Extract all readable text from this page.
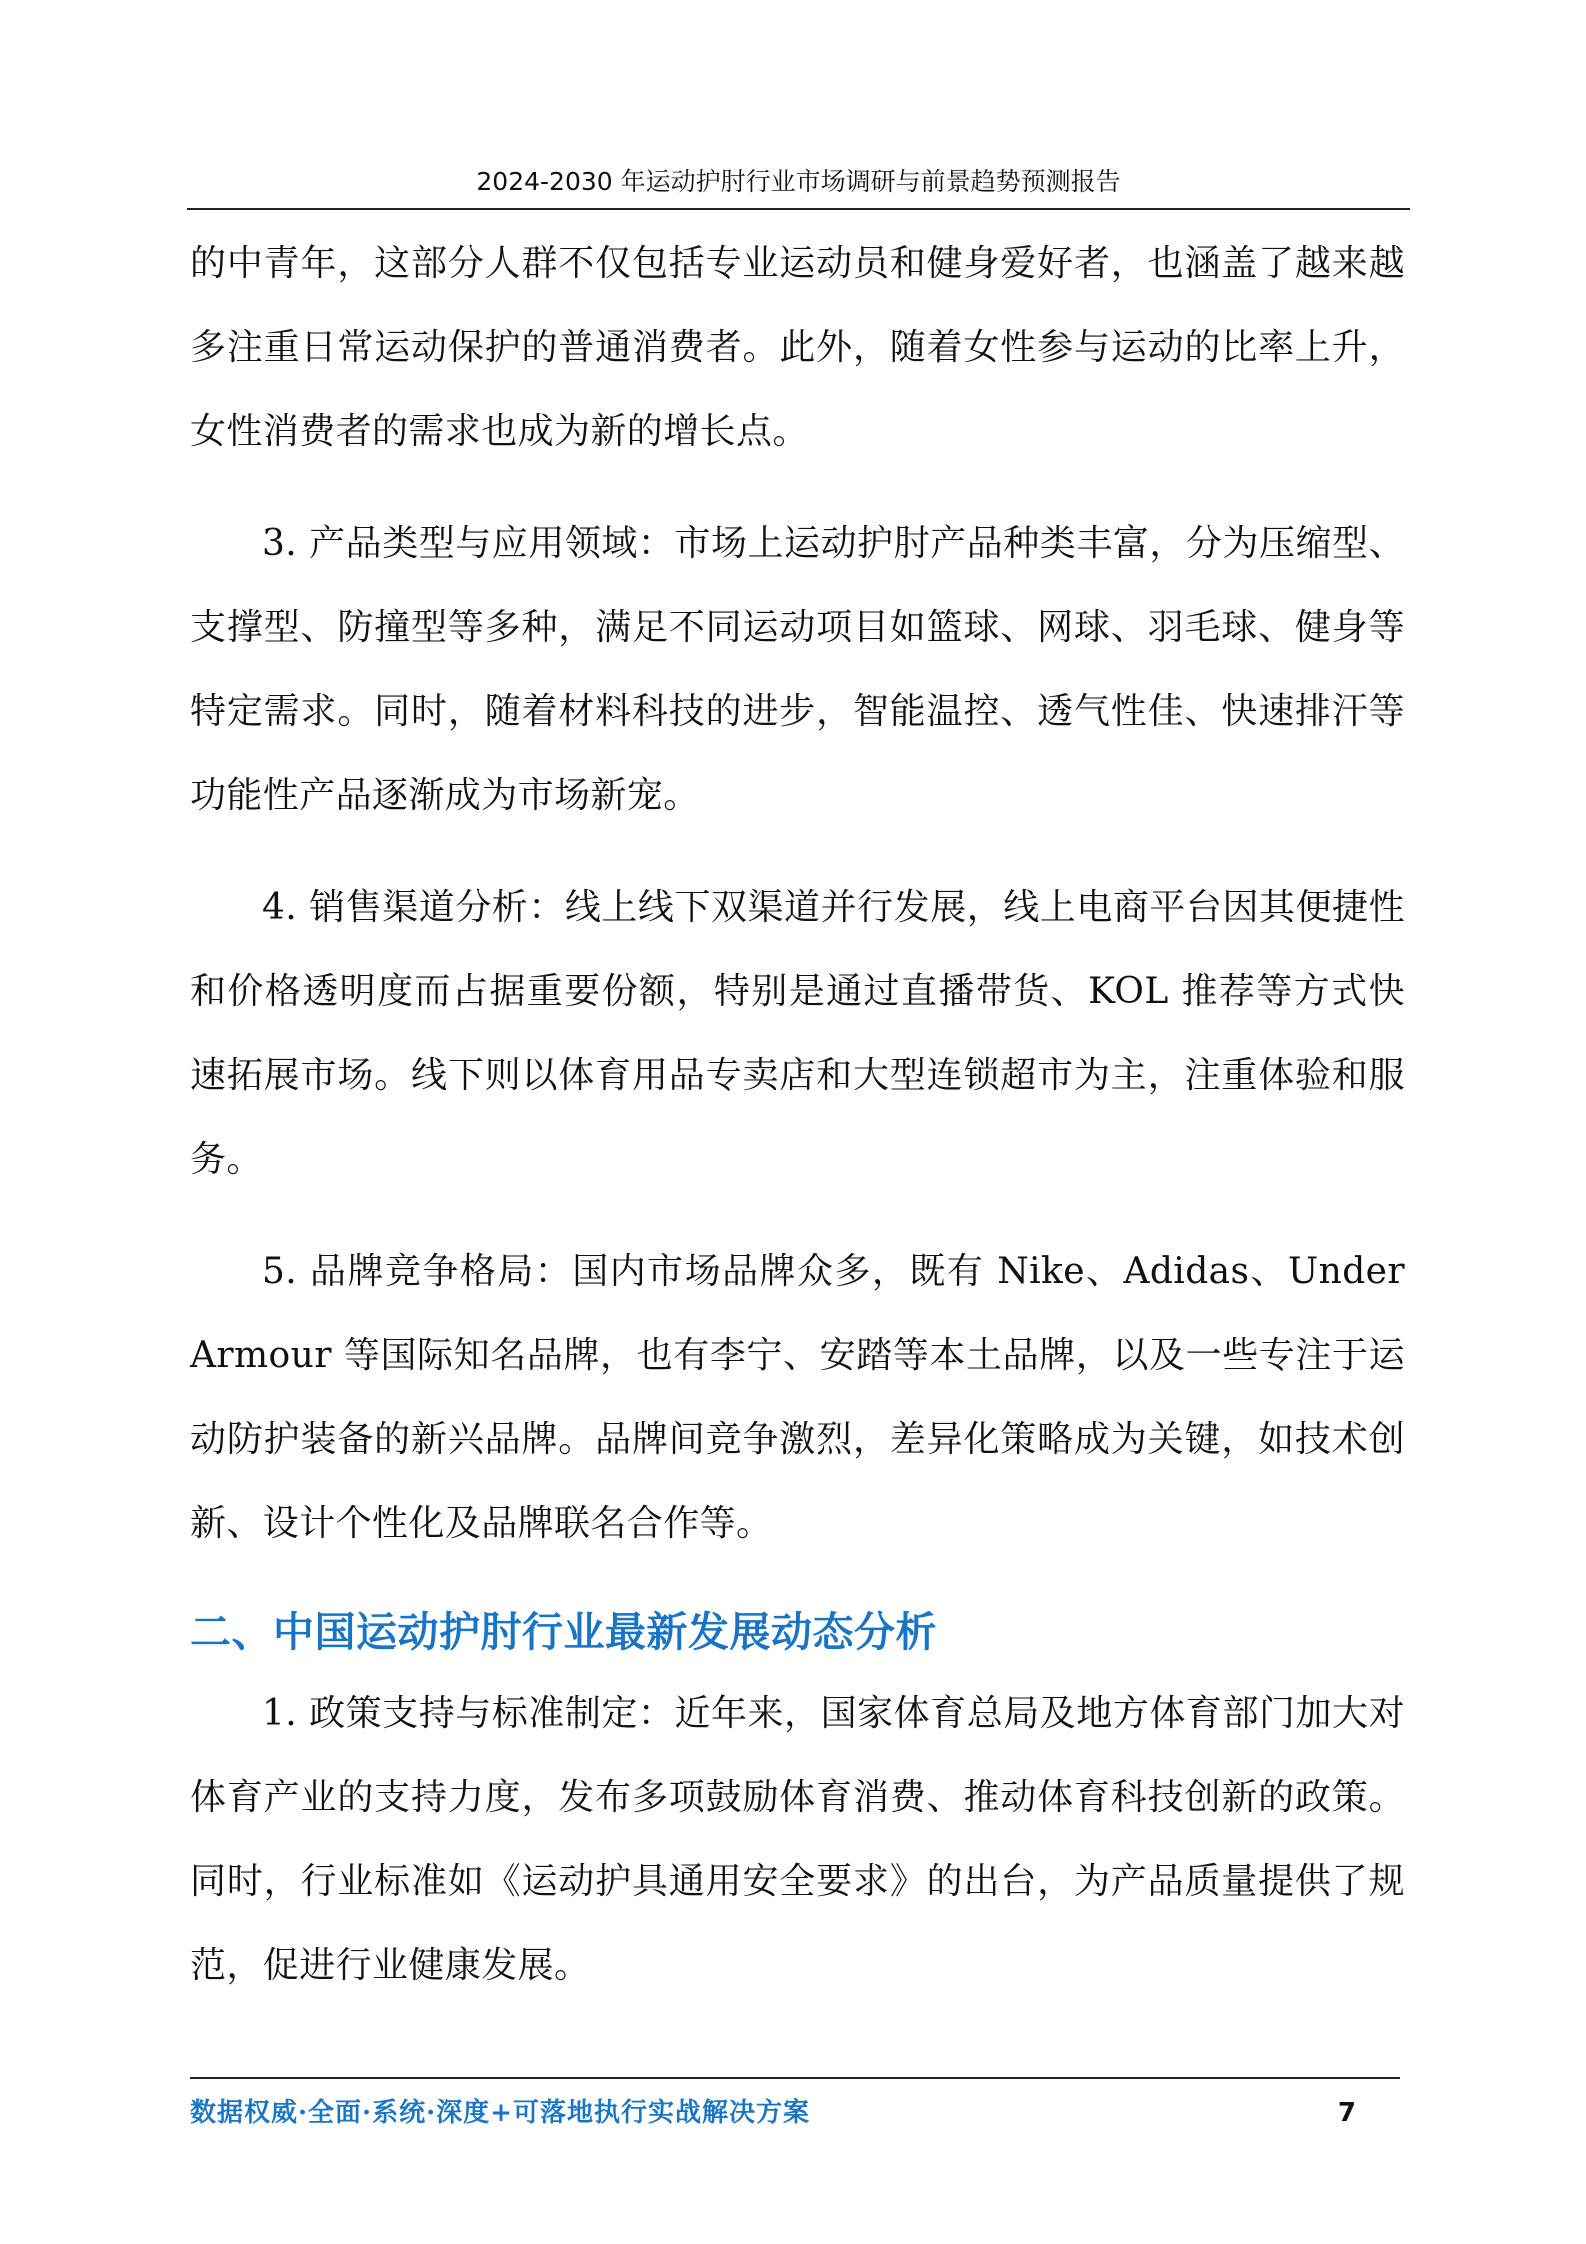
2024-2030 年运动护肘行业市场调研与前景趋势预测报告

的中青年，这部分人群不仅包括专业运动员和健身爱好者，也涵盖了越来越多注重日常运动保护的普通消费者。此外，随着女性参与运动的比率上升，女性消费者的需求也成为新的增长点。

3. 产品类型与应用领域：市场上运动护肘产品种类丰富，分为压缩型、支撑型、防撞型等多种，满足不同运动项目如篮球、网球、羽毛球、健身等特定需求。同时，随着材料科技的进步，智能温控、透气性佳、快速排汗等功能性产品逐渐成为市场新宠。

4. 销售渠道分析：线上线下双渠道并行发展，线上电商平台因其便捷性和价格透明度而占据重要份额，特别是通过直播带货、KOL 推荐等方式快速拓展市场。线下则以体育用品专卖店和大型连锁超市为主，注重体验和服务。

5. 品牌竞争格局：国内市场品牌众多，既有 Nike、Adidas、Under Armour 等国际知名品牌，也有李宁、安踏等本土品牌，以及一些专注于运动防护装备的新兴品牌。品牌间竞争激烈，差异化策略成为关键，如技术创新、设计个性化及品牌联名合作等。

二、中国运动护肘行业最新发展动态分析

1. 政策支持与标准制定：近年来，国家体育总局及地方体育部门加大对体育产业的支持力度，发布多项鼓励体育消费、推动体育科技创新的政策。同时，行业标准如《运动护具通用安全要求》的出台，为产品质量提供了规范，促进行业健康发展。

数据权威·全面·系统·深度+可落地执行实战解决方案	7
